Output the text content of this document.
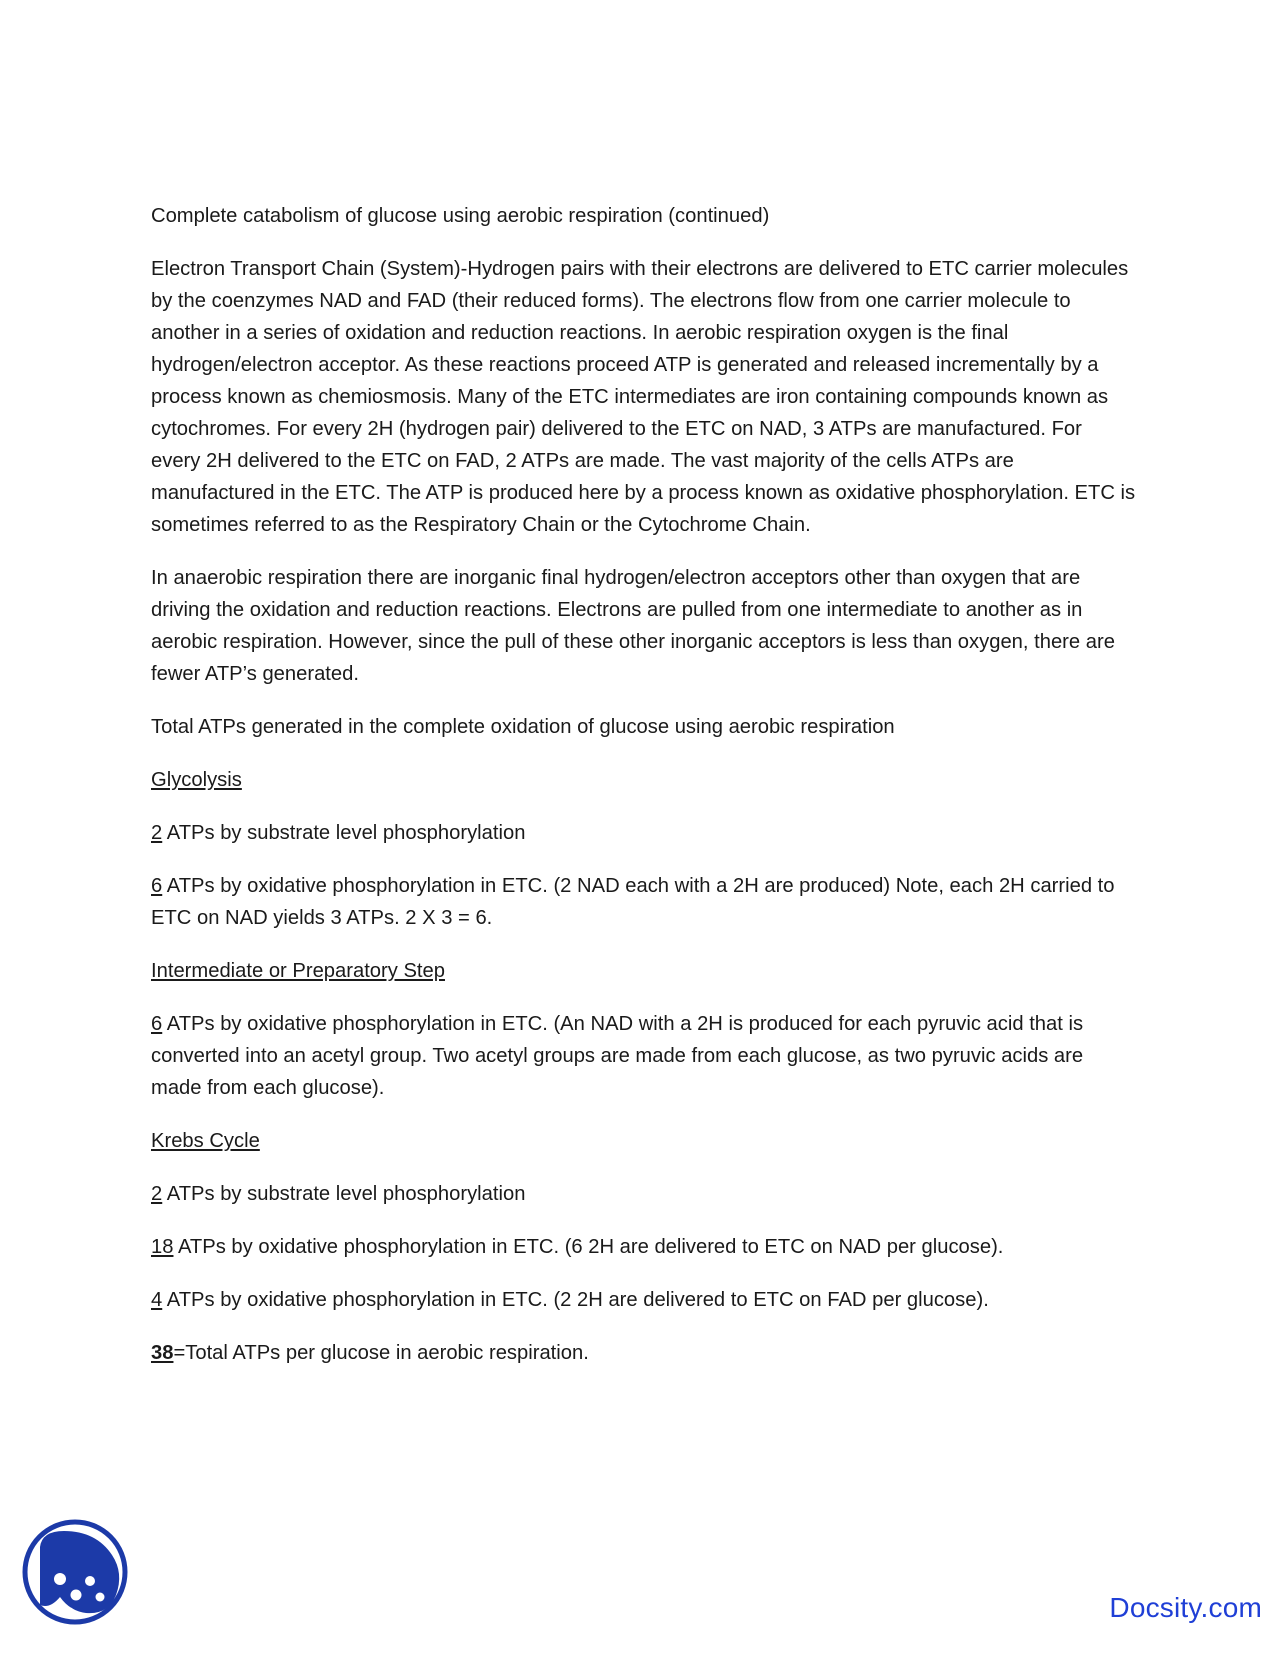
Complete catabolism of glucose using aerobic respiration (continued)

Electron Transport Chain (System)-Hydrogen pairs with their electrons are delivered to ETC carrier molecules by the coenzymes NAD and FAD (their reduced forms). The electrons flow from one carrier molecule to another in a series of oxidation and reduction reactions. In aerobic respiration oxygen is the final hydrogen/electron acceptor. As these reactions proceed ATP is generated and released incrementally by a process known as chemiosmosis. Many of the ETC intermediates are iron containing compounds known as cytochromes. For every 2H (hydrogen pair) delivered to the ETC on NAD, 3 ATPs are manufactured. For every 2H delivered to the ETC on FAD, 2 ATPs are made. The vast majority of the cells ATPs are manufactured in the ETC. The ATP is produced here by a process known as oxidative phosphorylation. ETC is sometimes referred to as the Respiratory Chain or the Cytochrome Chain.

In anaerobic respiration there are inorganic final hydrogen/electron acceptors other than oxygen that are driving the oxidation and reduction reactions. Electrons are pulled from one intermediate to another as in aerobic respiration. However, since the pull of these other inorganic acceptors is less than oxygen, there are fewer ATP’s generated.

Total ATPs generated in the complete oxidation of glucose using aerobic respiration

Glycolysis

2 ATPs by substrate level phosphorylation

6 ATPs by oxidative phosphorylation in ETC. (2 NAD each with a 2H are produced) Note, each 2H carried to ETC on NAD yields 3 ATPs. 2 X 3 = 6.

Intermediate or Preparatory Step

6 ATPs by oxidative phosphorylation in ETC. (An NAD with a 2H is produced for each pyruvic acid that is converted into an acetyl group. Two acetyl groups are made from each glucose, as two pyruvic acids are made from each glucose).

Krebs Cycle

2 ATPs by substrate level phosphorylation

18 ATPs by oxidative phosphorylation in ETC. (6 2H are delivered to ETC on NAD per glucose).

4 ATPs by oxidative phosphorylation in ETC. (2 2H are delivered to ETC on FAD per glucose).

38=Total ATPs per glucose in aerobic respiration.

Docsity.com
